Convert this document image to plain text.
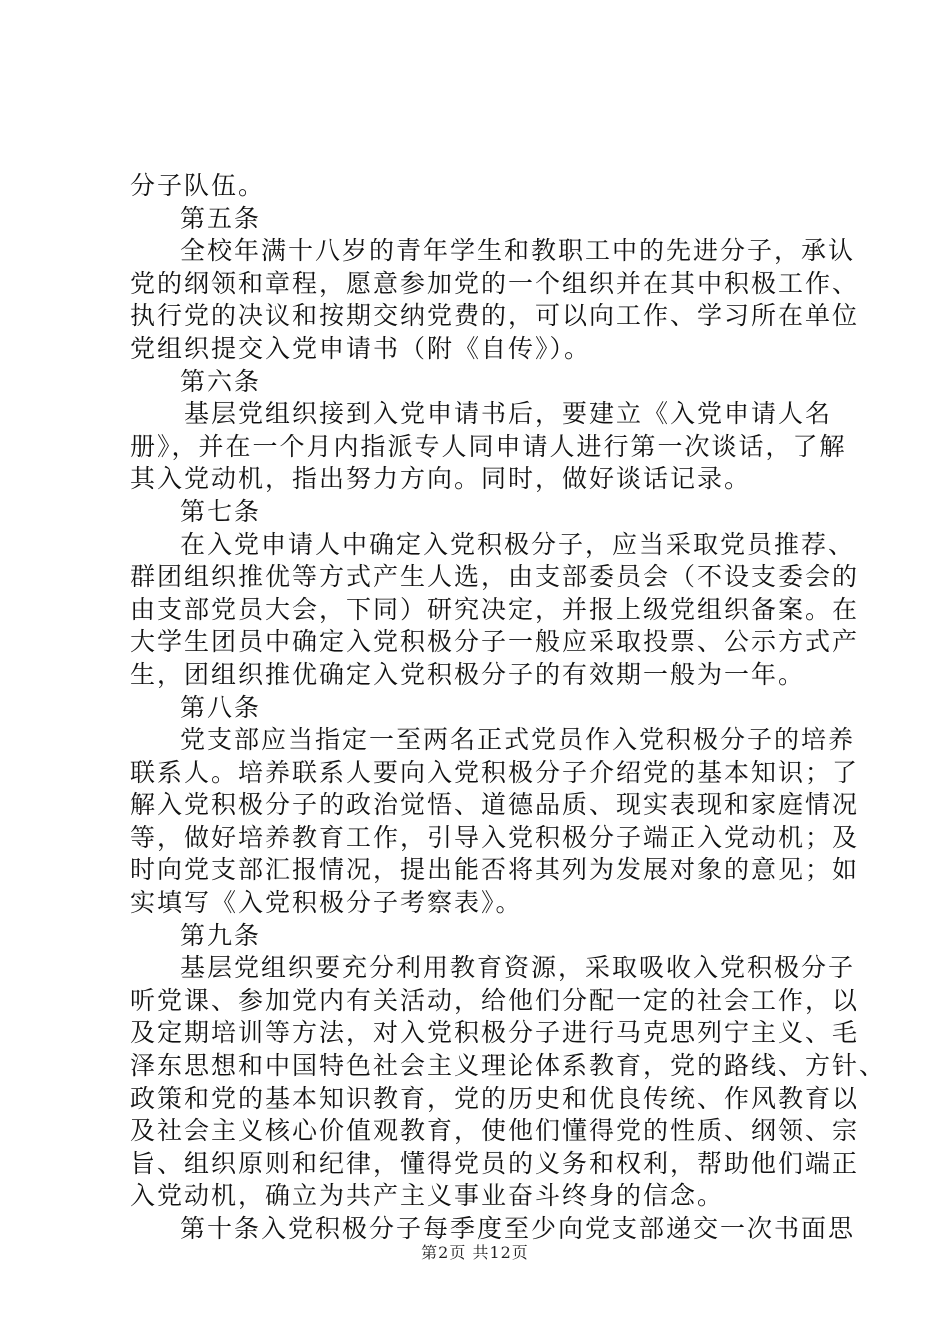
分子队伍。
第五条
全校年满十八岁的青年学生和教职工中的先进分子，承认
党的纲领和章程，愿意参加党的一个组织并在其中积极工作、
执行党的决议和按期交纳党费的，可以向工作、学习所在单位
党组织提交入党申请书（附《自传》）。
第六条
基层党组织接到入党申请书后，要建立《入党申请人名
册》，并在一个月内指派专人同申请人进行第一次谈话，了解
其入党动机，指出努力方向。同时，做好谈话记录。
第七条
在入党申请人中确定入党积极分子，应当采取党员推荐、
群团组织推优等方式产生人选，由支部委员会（不设支委会的
由支部党员大会，下同）研究决定，并报上级党组织备案。在
大学生团员中确定入党积极分子一般应采取投票、公示方式产
生，团组织推优确定入党积极分子的有效期一般为一年。
第八条
党支部应当指定一至两名正式党员作入党积极分子的培养
联系人。培养联系人要向入党积极分子介绍党的基本知识；了
解入党积极分子的政治觉悟、道德品质、现实表现和家庭情况
等，做好培养教育工作，引导入党积极分子端正入党动机；及
时向党支部汇报情况，提出能否将其列为发展对象的意见；如
实填写《入党积极分子考察表》。
第九条
基层党组织要充分利用教育资源，采取吸收入党积极分子
听党课、参加党内有关活动，给他们分配一定的社会工作，以
及定期培训等方法，对入党积极分子进行马克思列宁主义、毛
泽东思想和中国特色社会主义理论体系教育，党的路线、方针、
政策和党的基本知识教育，党的历史和优良传统、作风教育以
及社会主义核心价值观教育，使他们懂得党的性质、纲领、宗
旨、组织原则和纪律，懂得党员的义务和权利，帮助他们端正
入党动机，确立为共产主义事业奋斗终身的信念。
第十条入党积极分子每季度至少向党支部递交一次书面思
第2页 共12页
